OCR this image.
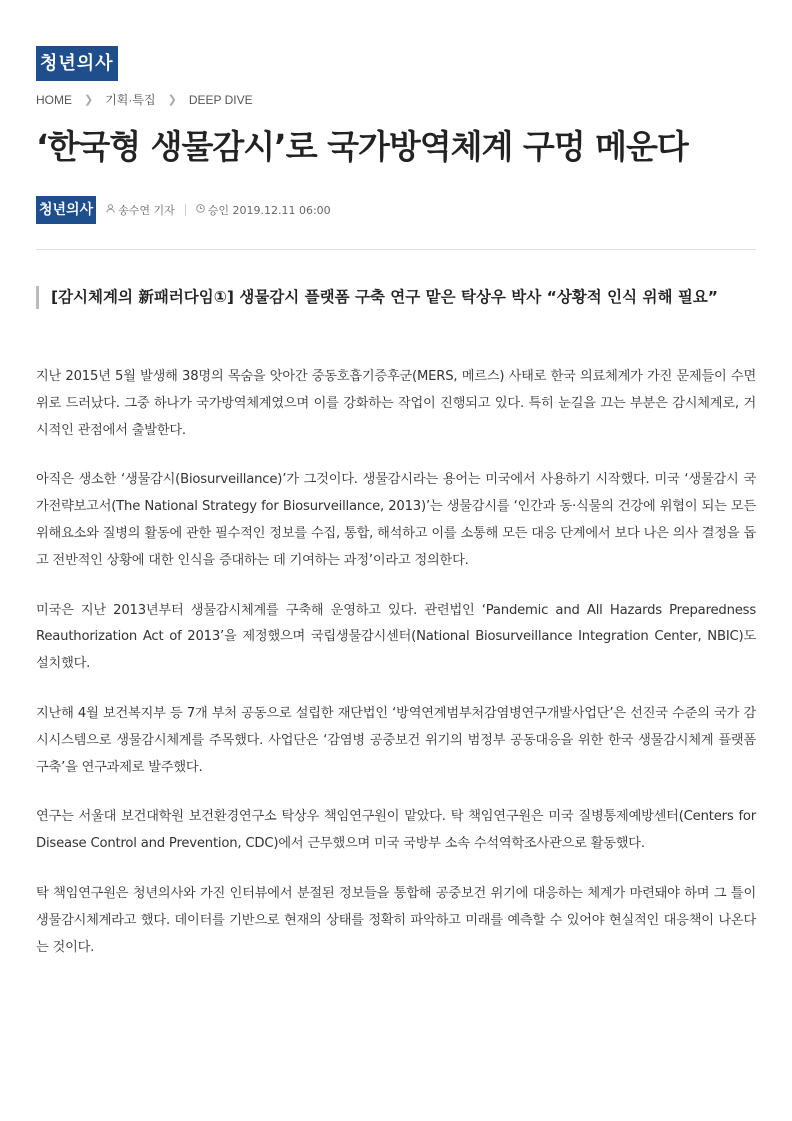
청년의사
HOME ❯ 기획·특집 ❯ DEEP DIVE
‘한국형 생물감시’로 국가방역체계 구멍 메운다
청년의사 송수연 기자	승인 2019.12.11 06:00
[감시체계의 新패러다임①] 생물감시 플랫폼 구축 연구 맡은 탁상우 박사 “상황적 인식 위해 필요”

지난 2015년 5월 발생해 38명의 목숨을 앗아간 중동호흡기증후군(MERS, 메르스) 사태로 한국 의료체계가 가진 문제들이 수면 위로 드러났다. 그중 하나가 국가방역체계였으며 이를 강화하는 작업이 진행되고 있다. 특히 눈길을 끄는 부분은 감시체계로, 거시적인 관점에서 출발한다.

아직은 생소한 ‘생물감시(Biosurveillance)’가 그것이다. 생물감시라는 용어는 미국에서 사용하기 시작했다. 미국 ‘생물감시 국가전략보고서(The National Strategy for Biosurveillance, 2013)’는 생물감시를 ‘인간과 동·식물의 건강에 위협이 되는 모든 위해요소와 질병의 활동에 관한 필수적인 정보를 수집, 통합, 해석하고 이를 소통해 모든 대응 단계에서 보다 나은 의사 결정을 돕고 전반적인 상황에 대한 인식을 증대하는 데 기여하는 과정’이라고 정의한다.

미국은 지난 2013년부터 생물감시체계를 구축해 운영하고 있다. 관련법인 ‘Pandemic and All Hazards Preparedness Reauthorization Act of 2013’을 제정했으며 국립생물감시센터(National Biosurveillance Integration Center, NBIC)도 설치했다.

지난해 4월 보건복지부 등 7개 부처 공동으로 설립한 재단법인 ‘방역연계범부처감염병연구개발사업단’은 선진국 수준의 국가 감시시스템으로 생물감시체계를 주목했다. 사업단은 ‘감염병 공중보건 위기의 범정부 공동대응을 위한 한국 생물감시체계 플랫폼 구축’을 연구과제로 발주했다.

연구는 서울대 보건대학원 보건환경연구소 탁상우 책임연구원이 맡았다. 탁 책임연구원은 미국 질병통제예방센터(Centers for Disease Control and Prevention, CDC)에서 근무했으며 미국 국방부 소속 수석역학조사관으로 활동했다.

탁 책임연구원은 청년의사와 가진 인터뷰에서 분절된 정보들을 통합해 공중보건 위기에 대응하는 체계가 마련돼야 하며 그 틀이 생물감시체계라고 했다. 데이터를 기반으로 현재의 상태를 정확히 파악하고 미래를 예측할 수 있어야 현실적인 대응책이 나온다는 것이다.
